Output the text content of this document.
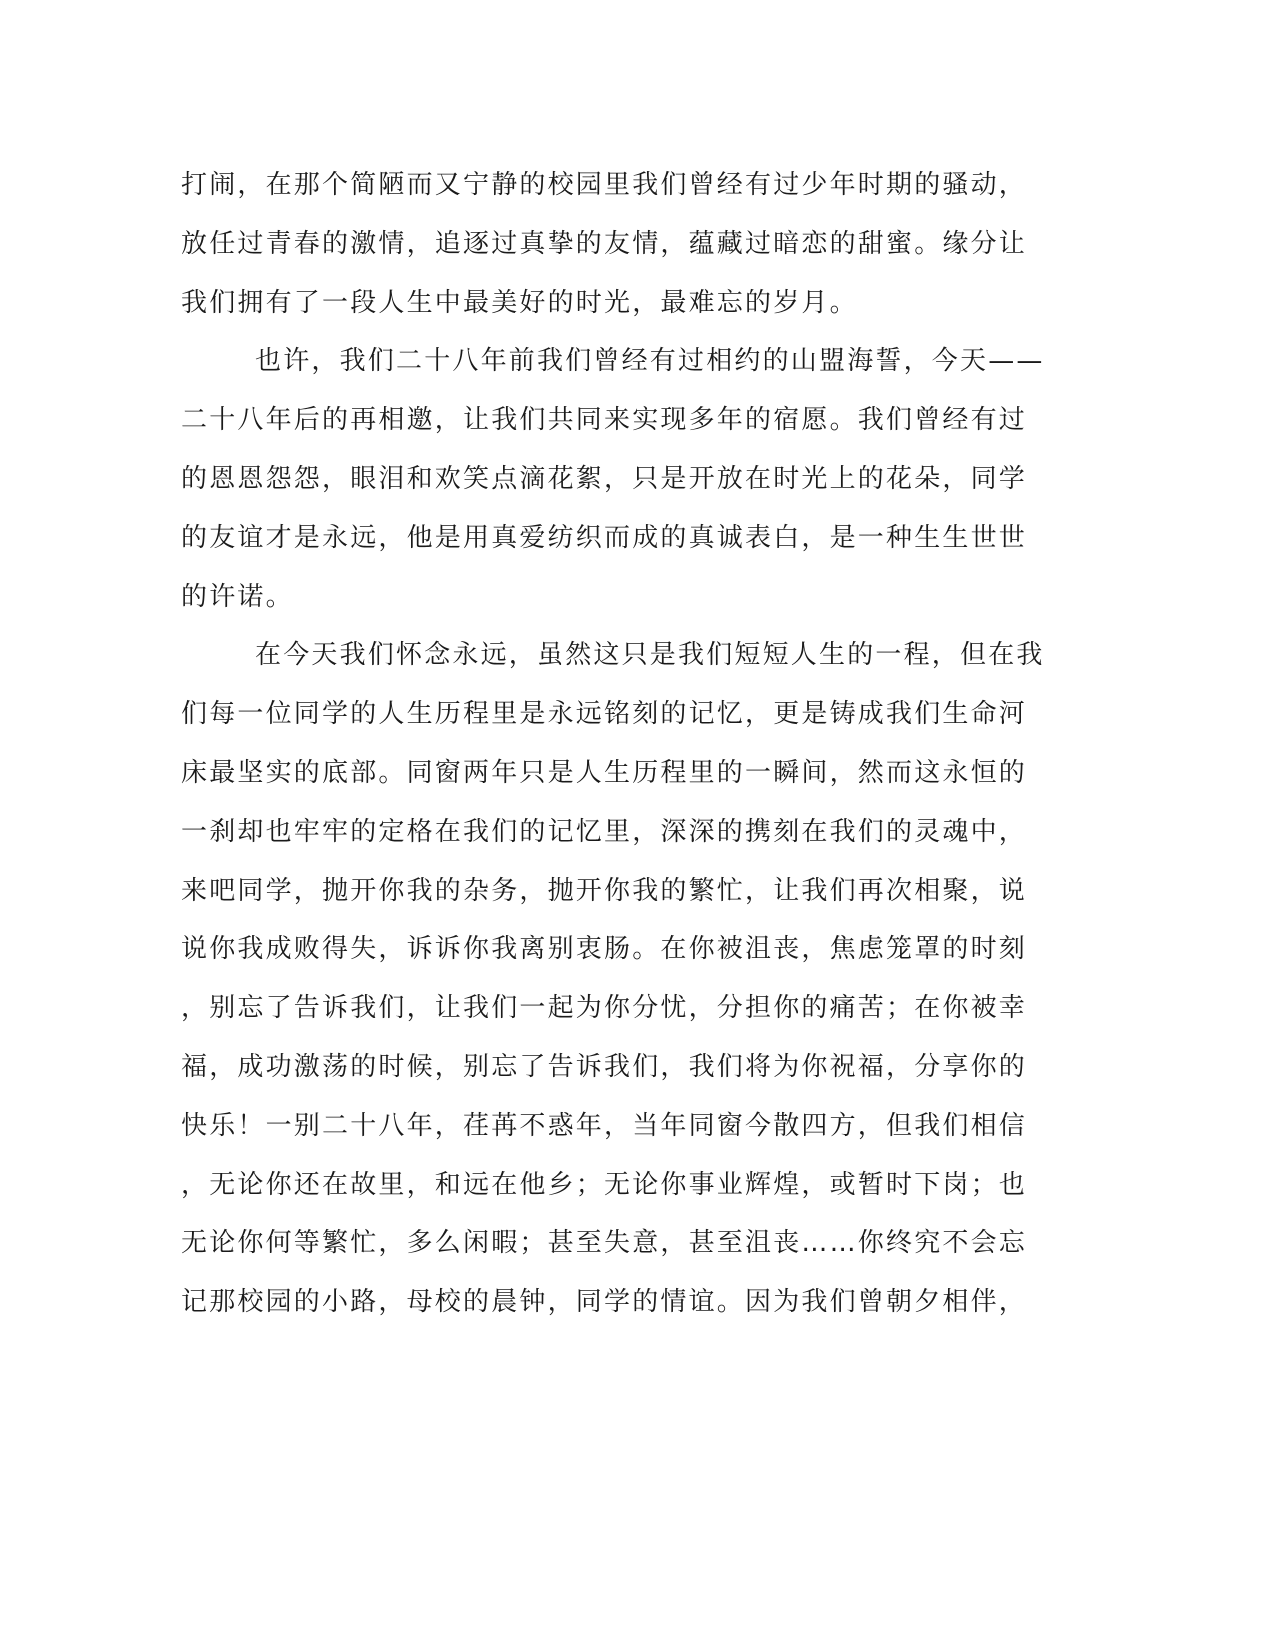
打闹，在那个简陋而又宁静的校园里我们曾经有过少年时期的骚动，
放任过青春的激情，追逐过真挚的友情，蕴藏过暗恋的甜蜜。缘分让
我们拥有了一段人生中最美好的时光，最难忘的岁月。
也许，我们二十八年前我们曾经有过相约的山盟海誓，今天——
二十八年后的再相邀，让我们共同来实现多年的宿愿。我们曾经有过
的恩恩怨怨，眼泪和欢笑点滴花絮，只是开放在时光上的花朵，同学
的友谊才是永远，他是用真爱纺织而成的真诚表白，是一种生生世世
的许诺。
在今天我们怀念永远，虽然这只是我们短短人生的一程，但在我
们每一位同学的人生历程里是永远铭刻的记忆，更是铸成我们生命河
床最坚实的底部。同窗两年只是人生历程里的一瞬间，然而这永恒的
一刹却也牢牢的定格在我们的记忆里，深深的携刻在我们的灵魂中，
来吧同学，抛开你我的杂务，抛开你我的繁忙，让我们再次相聚，说
说你我成败得失，诉诉你我离别衷肠。在你被沮丧，焦虑笼罩的时刻
，别忘了告诉我们，让我们一起为你分忧，分担你的痛苦；在你被幸
福，成功激荡的时候，别忘了告诉我们，我们将为你祝福，分享你的
快乐！一别二十八年，荏苒不惑年，当年同窗今散四方，但我们相信
，无论你还在故里，和远在他乡；无论你事业辉煌，或暂时下岗；也
无论你何等繁忙，多么闲暇；甚至失意，甚至沮丧……你终究不会忘
记那校园的小路，母校的晨钟，同学的情谊。因为我们曾朝夕相伴，
